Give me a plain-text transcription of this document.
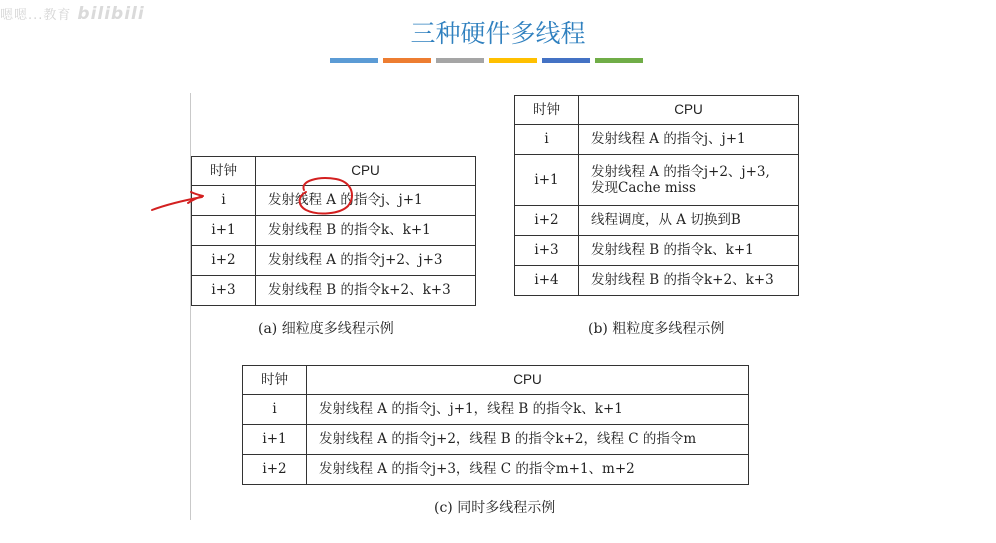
嗯嗯...教育 bilibili
三种硬件多线程
时钟	CPU
i	发射线程 A 的指令j、j+1
i+1	发射线程 B 的指令k、k+1
i+2	发射线程 A 的指令j+2、j+3
i+3	发射线程 B 的指令k+2、k+3
(a) 细粒度多线程示例
时钟	CPU
i	发射线程 A 的指令j、j+1
i+1	发射线程 A 的指令j+2、j+3,
发现Cache miss

i+2	线程调度，从 A 切换到B
i+3	发射线程 B 的指令k、k+1
i+4	发射线程 B 的指令k+2、k+3
(b) 粗粒度多线程示例
时钟	CPU
i	发射线程 A 的指令j、j+1，线程 B 的指令k、k+1
i+1	发射线程 A 的指令j+2，线程 B 的指令k+2，线程 C 的指令m
i+2	发射线程 A 的指令j+3，线程 C 的指令m+1、m+2
(c) 同时多线程示例
